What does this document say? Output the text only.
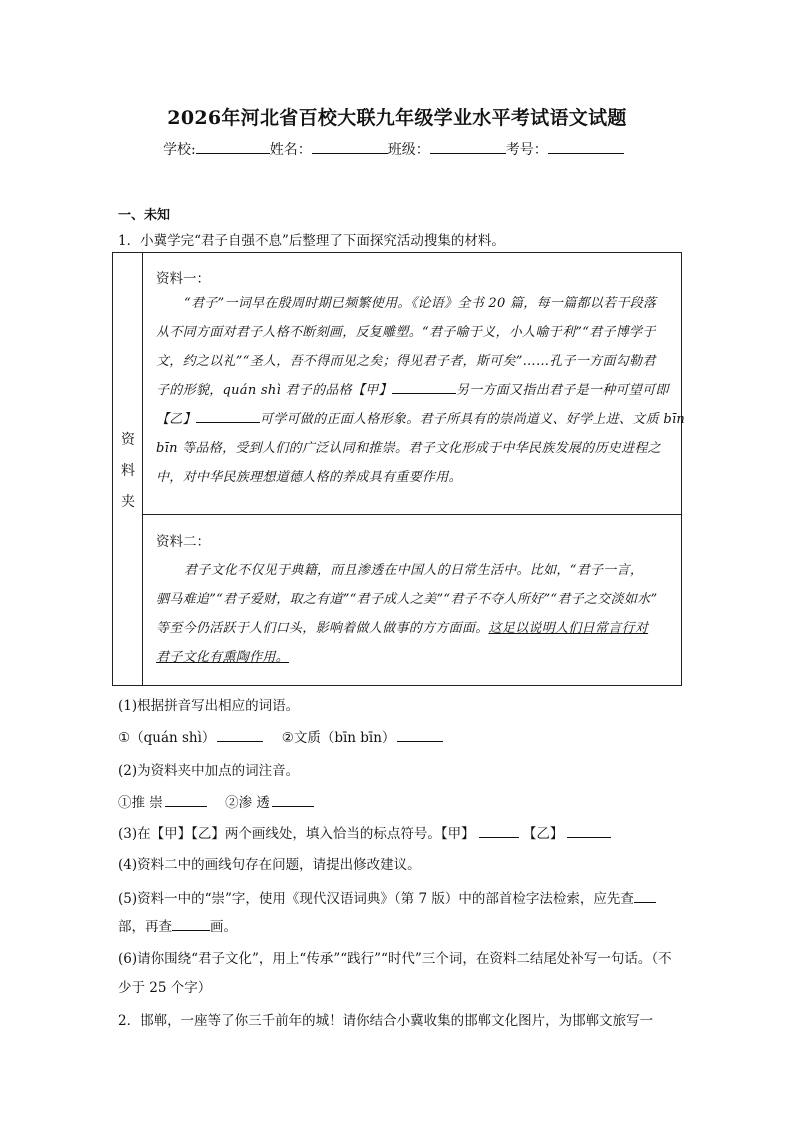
2026年河北省百校大联九年级学业水平考试语文试题
学校:	姓名：	班级：	考号：
一、未知
1．小冀学完“君子自强不息”后整理了下面探究活动搜集的材料。
资
料
夹
资料一：
“君子”一词早在殷周时期已频繁使用。《论语》全书 20 篇，每一篇都以若干段落
从不同方面对君子人格不断刻画，反复雕塑。“君子喻于义，小人喻于利”“君子博学于
文，约之以礼”“圣人，吾不得而见之矣；得见君子者，斯可矣”……孔子一方面勾勒君
子的形貌，quán shì 君子的品格【甲】	另一方面又指出君子是一种可望可即
【乙】	可学可做的正面人格形象。君子所具有的崇尚道义、好学上进、文质 bīn
bīn 等品格，受到人们的广泛认同和推崇。君子文化形成于中华民族发展的历史进程之
中，对中华民族理想道德人格的养成具有重要作用。
资料二：
君子文化不仅见于典籍，而且渗透在中国人的日常生活中。比如，“君子一言，
驷马难追”“君子爱财，取之有道”“君子成人之美”“君子不夺人所好”“君子之交淡如水”
等至今仍活跃于人们口头，影响着做人做事的方方面面。这足以说明人们日常言行对
君子文化有熏陶作用。
(1)根据拼音写出相应的词语。
①（quán shì）	②文质（bīn bīn）
(2)为资料夹中加点的词注音。
①推 崇	②渗 透
(3)在【甲】【乙】两个画线处，填入恰当的标点符号。【甲】	【乙】
(4)资料二中的画线句存在问题，请提出修改建议。
(5)资料一中的“崇”字，使用《现代汉语词典》（第 7 版）中的部首检字法检索，应先查
部，再查	画。
(6)请你围绕“君子文化”，用上“传承”“践行”“时代”三个词，在资料二结尾处补写一句话。（不
少于 25 个字）
2．邯郸，一座等了你三千前年的城！请你结合小冀收集的邯郸文化图片，为邯郸文旅写一
